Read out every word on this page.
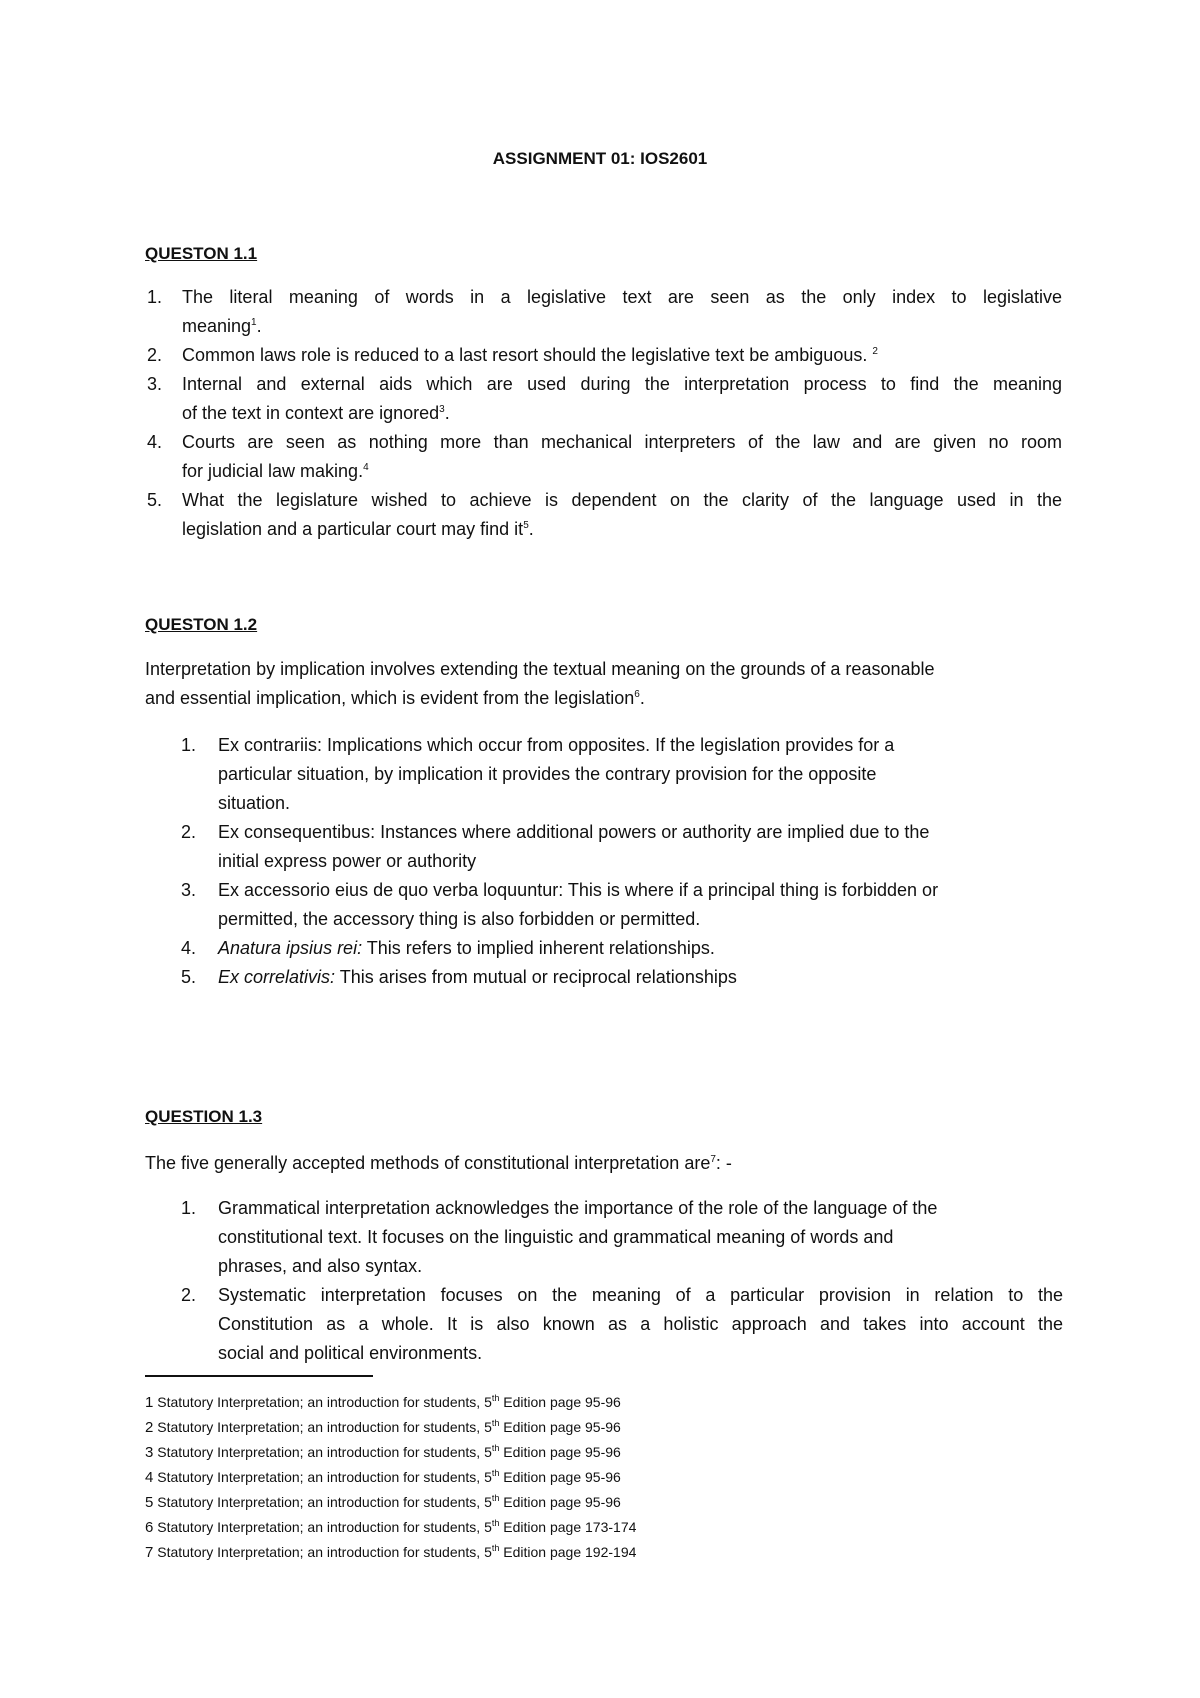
ASSIGNMENT 01: IOS2601

QUESTON 1.1

1. The literal meaning of words in a legislative text are seen as the only index to legislative
meaning$^1$.
2. Common laws role is reduced to a last resort should the legislative text be ambiguous. $^2$
3. Internal and external aids which are used during the interpretation process to find the meaning
of the text in context are ignored$^3$.
4. Courts are seen as nothing more than mechanical interpreters of the law and are given no room
for judicial law making.$^4$
5. What the legislature wished to achieve is dependent on the clarity of the language used in the
legislation and a particular court may find $it^5$.

QUESTON 1.2

Interpretation by implication involves extending the textual meaning on the grounds of a reasonable

and essential implication, which is evident from the legislation$^6$.

1. Ex contrariis: Implications which occur from opposites. If the legislation provides for a
particular situation, by implication it provides the contrary provision for the opposite
situation.
2. Ex consequentibus: Instances where additional powers or authority are implied due to the
initial express power or authority
3. Ex accessorio eius de quo verba loquuntur: This is where if a principal thing is forbidden or
permitted, the accessory thing is also forbidden or permitted.
4. Anatura ipsius rei: This refers to implied inherent relationships.
5. Ex correlativis: This arises from mutual or reciprocal relationships

QUESTION 1.3

The five generally accepted methods of constitutional interpretation are$^7$: -

1. Grammatical interpretation acknowledges the importance of the role of the language of the
constitutional text. It focuses on the linguistic and grammatical meaning of words and
phrases, and also syntax.
2. Systematic interpretation focuses on the meaning of a particular provision in relation to the
Constitution as a whole. It is also known as a holistic approach and takes into account the
social and political environments.

1 Statutory Interpretation; an introduction for students, 5th Edition page 95-96

2 Statutory Interpretation; an introduction for students, 5th Edition page 95-96

3 Statutory Interpretation; an introduction for students, 5th Edition page 95-96

4 Statutory Interpretation; an introduction for students, 5th Edition page 95-96

5 Statutory Interpretation; an introduction for students, 5th Edition page 95-96

6 Statutory Interpretation; an introduction for students, 5th Edition page 173-174

7 Statutory Interpretation; an introduction for students, 5th Edition page 192-194
